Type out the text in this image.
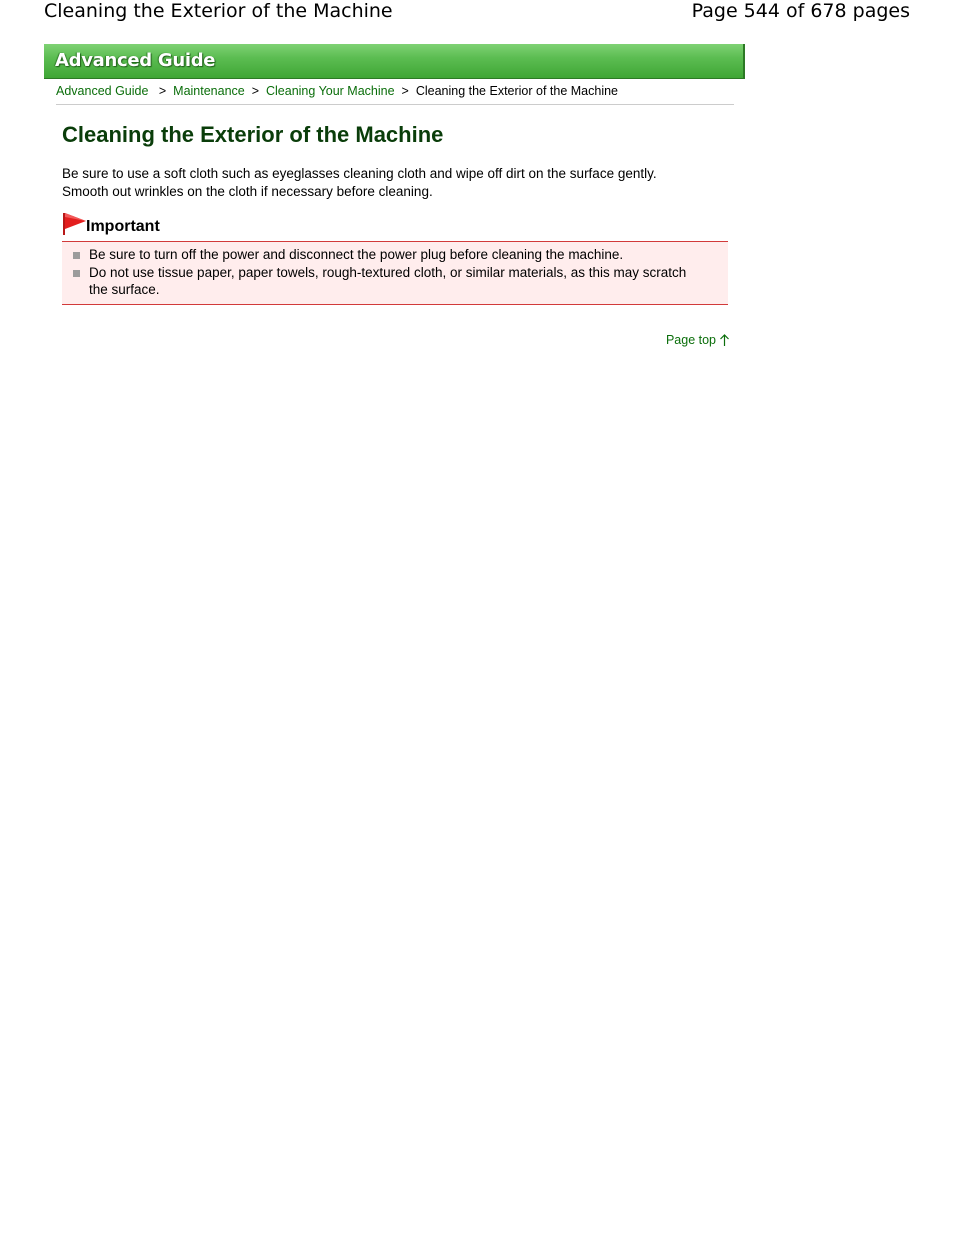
Cleaning the Exterior of the Machine	Page 544 of 678 pages
Advanced Guide
Advanced Guide > Maintenance > Cleaning Your Machine > Cleaning the Exterior of the Machine
Cleaning the Exterior of the Machine

Be sure to use a soft cloth such as eyeglasses cleaning cloth and wipe off dirt on the surface gently.

Smooth out wrinkles on the cloth if necessary before cleaning.

Important
Be sure to turn off the power and disconnect the power plug before cleaning the machine.
Do not use tissue paper, paper towels, rough-textured cloth, or similar materials, as this may scratch the surface.
Page top
